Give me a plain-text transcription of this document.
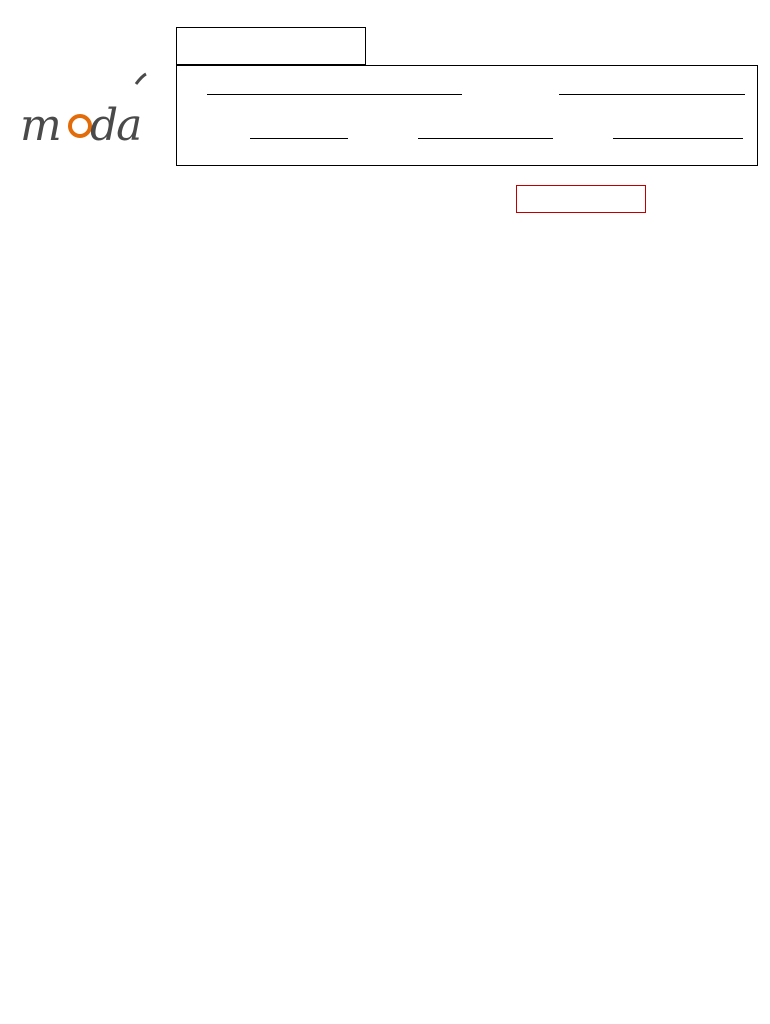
m da
